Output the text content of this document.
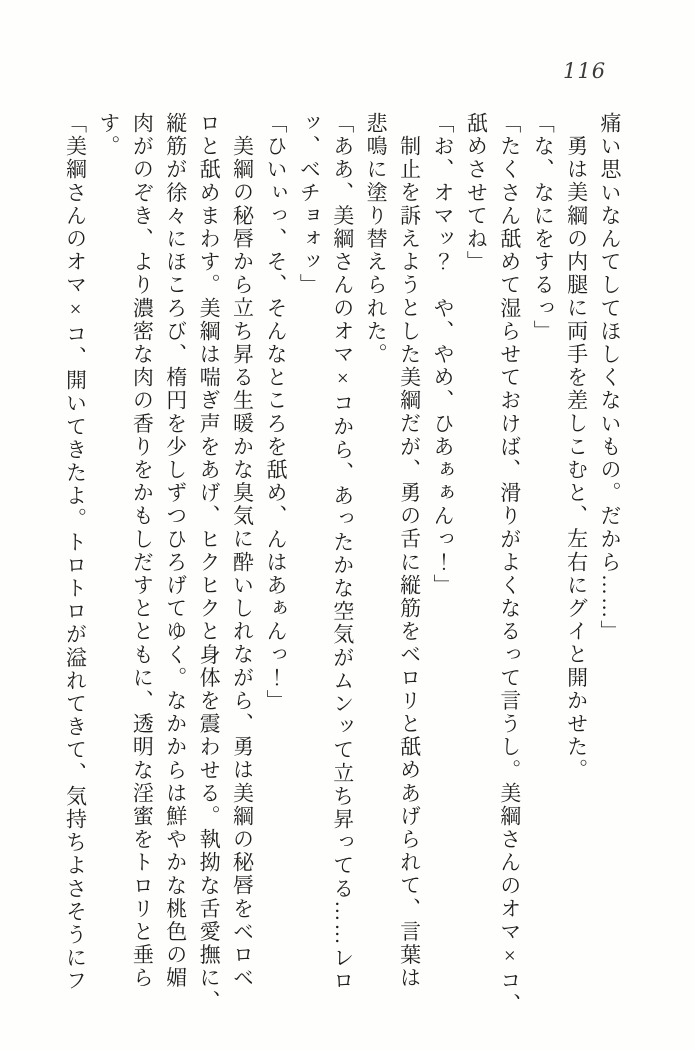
116

痛い思いなんてしてほしくないもの。だから……」

勇は美綱の内腿に両手を差しこむと、左右にグイと開かせた。

「な、なにをするっ」

「たくさん舐めて湿らせておけば、滑りがよくなるって言うし。美綱さんのオマ×コ、

舐めさせてね」

「お、オマッ？　や、やめ、ひあぁぁんっ！」

制止を訴えようとした美綱だが、勇の舌に縦筋をベロリと舐めあげられて、言葉は

悲鳴に塗り替えられた。

「ああ、美綱さんのオマ×コから、あったかな空気がムンッて立ち昇ってる……レロ

ッ、ベチョォッ」

「ひいぃっ、そ、そんなところを舐め、んはあぁんっ！」

美綱の秘唇から立ち昇る生暖かな臭気に酔いしれながら、勇は美綱の秘唇をベロベ

ロと舐めまわす。美綱は喘ぎ声をあげ、ヒクヒクと身体を震わせる。執拗な舌愛撫に、

縦筋が徐々にほころび、楕円を少しずつひろげてゆく。なかからは鮮やかな桃色の媚

肉がのぞき、より濃密な肉の香りをかもしだすとともに、透明な淫蜜をトロリと垂ら

す。

「美綱さんのオマ×コ、開いてきたよ。トロトロが溢れてきて、気持ちよさそうにフ
